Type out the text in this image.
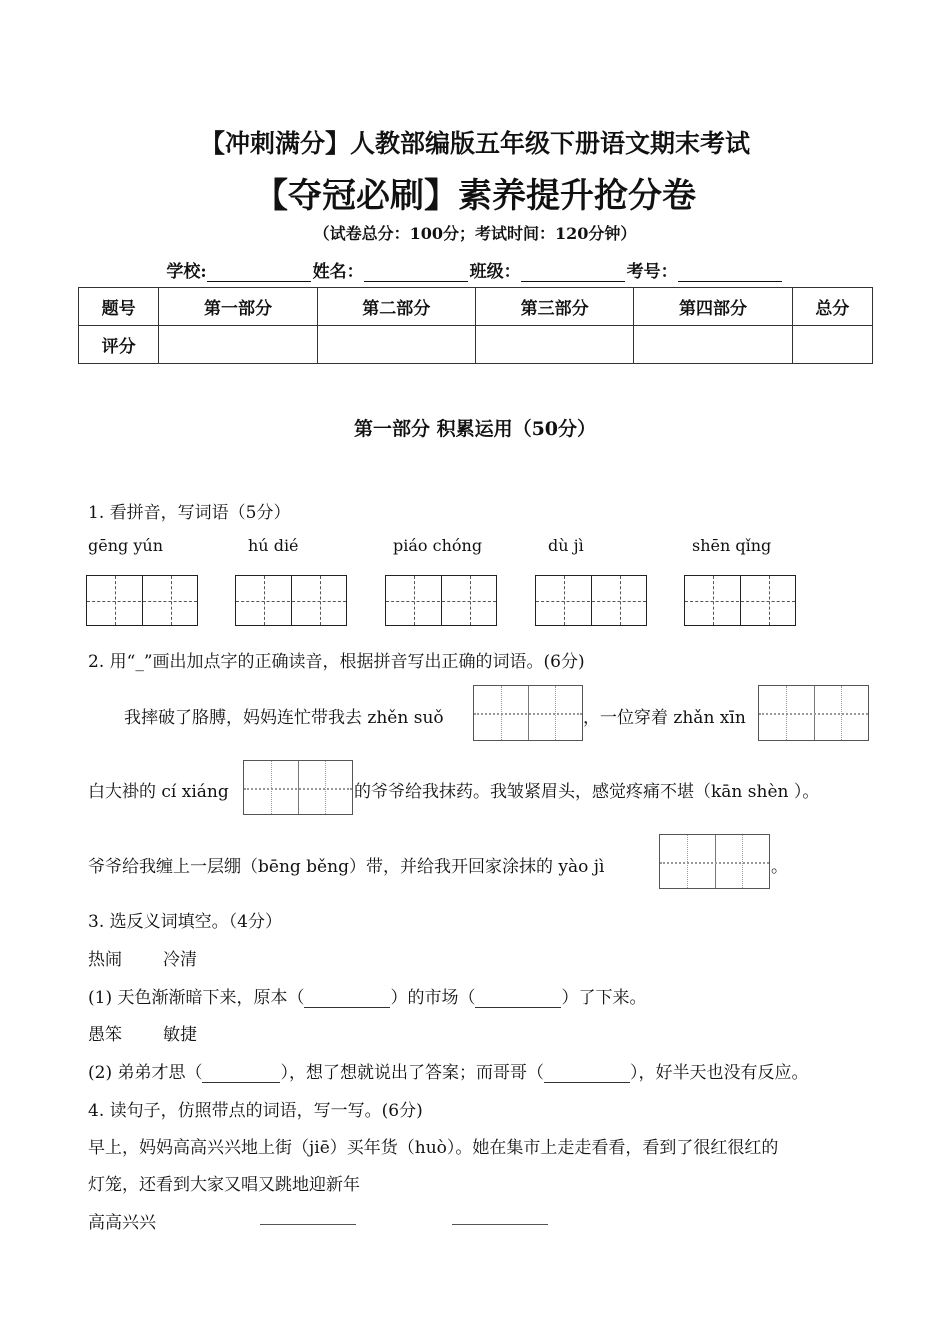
【冲刺满分】人教部编版五年级下册语文期末考试
【夺冠必刷】素养提升抢分卷
（试卷总分：100分；考试时间：120分钟）
学校:	姓名：	班级：	考号：
题号	第一部分	第二部分	第三部分	第四部分	总分
评分					
第一部分 积累运用（50分）
1. 看拼音，写词语（5分）
gēng yún	hú dié	piáo chóng	dù jì	shēn qǐng
2. 用“_”画出加点字的正确读音，根据拼音写出正确的词语。(6分)
我摔破了胳膊，妈妈连忙带我去 zhěn suǒ	，一位穿着 zhǎn xīn
白大褂的 cí xiáng	的爷爷给我抹药。我皱紧眉头，感觉疼痛不堪（kān shèn ）。
爷爷给我缠上一层绷（bēng běng）带，并给我开回家涂抹的 yào jì	。
3. 选反义词填空。（4分）
热闹 冷清
(1) 天色渐渐暗下来，原本（	）的市场（	）了下来。
愚笨 敏捷
(2) 弟弟才思（	），想了想就说出了答案；而哥哥（	），好半天也没有反应。
4. 读句子，仿照带点的词语，写一写。(6分)
早上，妈妈高高兴兴地上街（jiē）买年货（huò）。她在集市上走走看看，看到了很红很红的
灯笼，还看到大家又唱又跳地迎新年
高高兴兴
